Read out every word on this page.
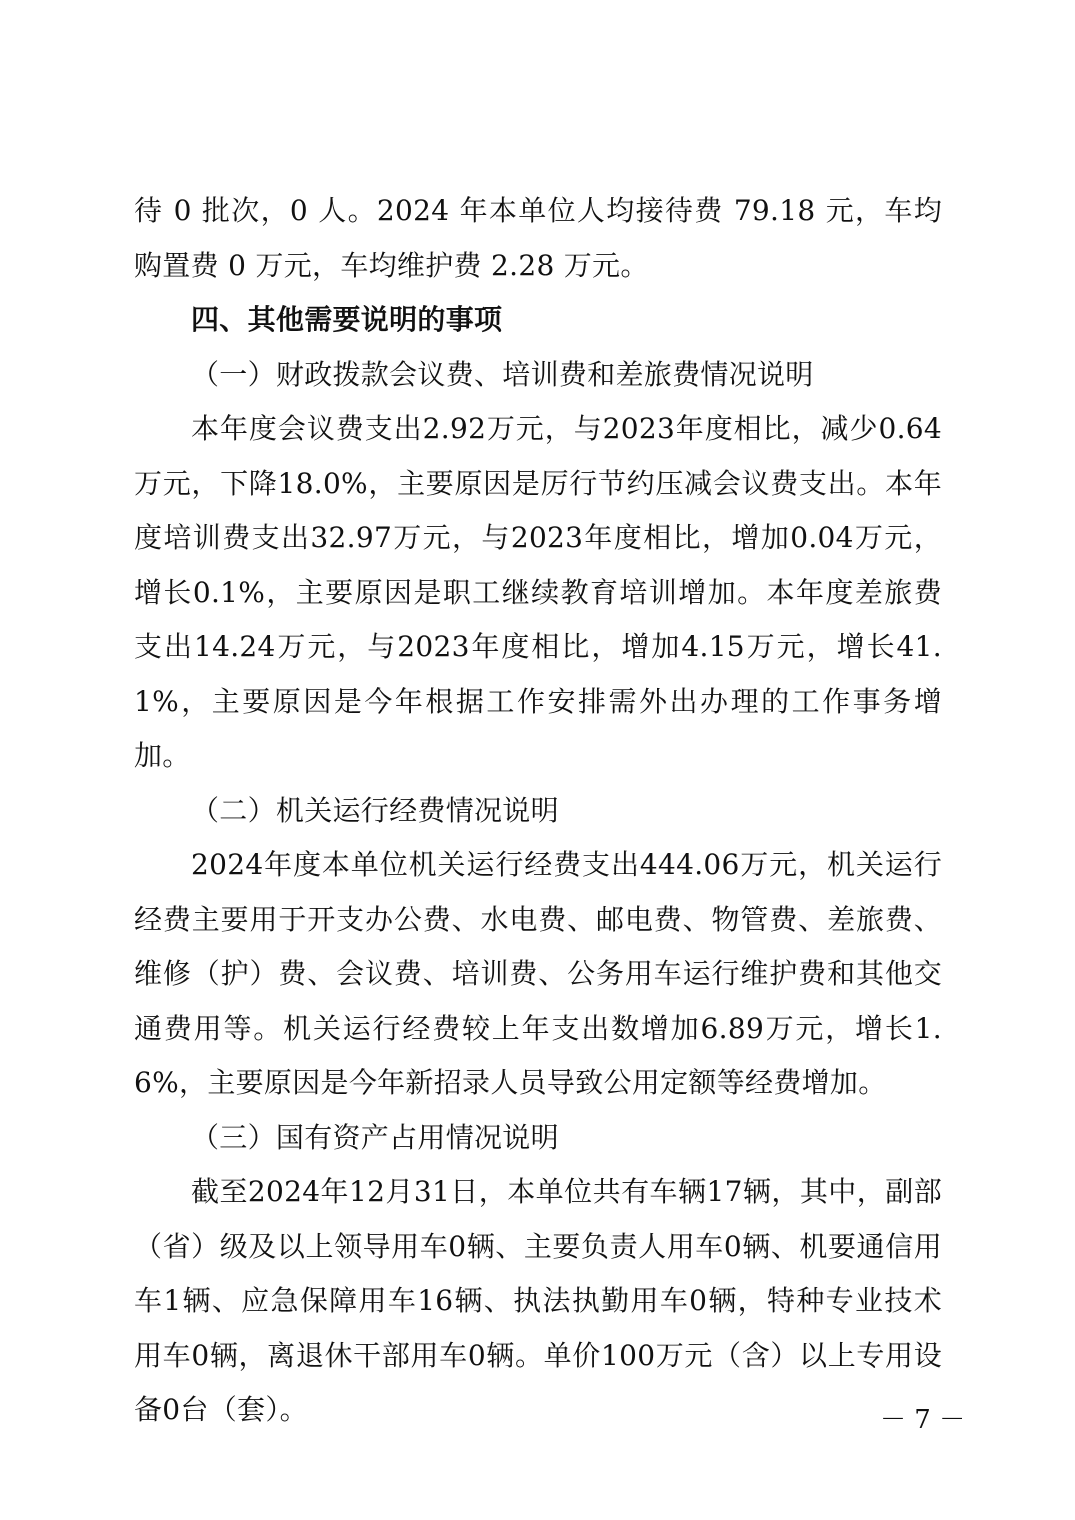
待 0 批次，0 人。2024 年本单位人均接待费 79.18 元，车均购置费 0 万元，车均维护费 2.28 万元。

四、其他需要说明的事项

（一）财政拨款会议费、培训费和差旅费情况说明

本年度会议费支出2.92万元，与2023年度相比，减少0.64万元，下降18.0%，主要原因是厉行节约压减会议费支出。本年度培训费支出32.97万元，与2023年度相比，增加0.04万元，增长0.1%，主要原因是职工继续教育培训增加。本年度差旅费支出14.24万元，与2023年度相比，增加4.15万元，增长41.1%，主要原因是今年根据工作安排需外出办理的工作事务增加。

（二）机关运行经费情况说明

2024年度本单位机关运行经费支出444.06万元，机关运行经费主要用于开支办公费、水电费、邮电费、物管费、差旅费、维修（护）费、会议费、培训费、公务用车运行维护费和其他交通费用等。机关运行经费较上年支出数增加6.89万元，增长1.6%，主要原因是今年新招录人员导致公用定额等经费增加。

（三）国有资产占用情况说明

截至2024年12月31日，本单位共有车辆17辆，其中，副部（省）级及以上领导用车0辆、主要负责人用车0辆、机要通信用车1辆、应急保障用车16辆、执法执勤用车0辆，特种专业技术用车0辆，离退休干部用车0辆。单价100万元（含）以上专用设备0台（套）。	－ 7 －
